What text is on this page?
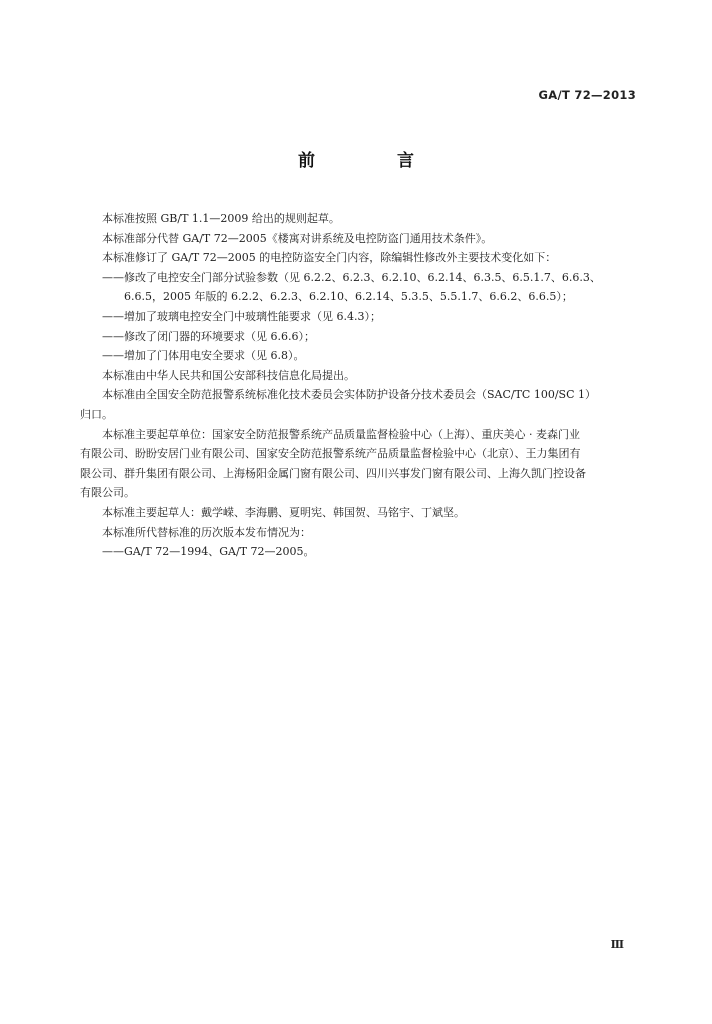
GA/T 72—2013
前 言

本标准按照 GB/T 1.1—2009 给出的规则起草。

本标准部分代替 GA/T 72—2005《楼寓对讲系统及电控防盗门通用技术条件》。

本标准修订了 GA/T 72—2005 的电控防盗安全门内容，除编辑性修改外主要技术变化如下：

——修改了电控安全门部分试验参数（见 6.2.2、6.2.3、6.2.10、6.2.14、6.3.5、6.5.1.7、6.6.3、

6.6.5，2005 年版的 6.2.2、6.2.3、6.2.10、6.2.14、5.3.5、5.5.1.7、6.6.2、6.6.5）；

——增加了玻璃电控安全门中玻璃性能要求（见 6.4.3）；

——修改了闭门器的环境要求（见 6.6.6）；

——增加了门体用电安全要求（见 6.8）。

本标准由中华人民共和国公安部科技信息化局提出。

本标准由全国安全防范报警系统标准化技术委员会实体防护设备分技术委员会（SAC/TC 100/SC 1）

归口。

本标准主要起草单位：国家安全防范报警系统产品质量监督检验中心（上海）、重庆美心 · 麦森门业

有限公司、盼盼安居门业有限公司、国家安全防范报警系统产品质量监督检验中心（北京）、王力集团有

限公司、群升集团有限公司、上海杨阳金属门窗有限公司、四川兴事发门窗有限公司、上海久凯门控设备

有限公司。

本标准主要起草人：戴学嵘、李海鹏、夏明宪、韩国贺、马铭宇、丁斌坚。

本标准所代替标准的历次版本发布情况为：

——GA/T 72—1994、GA/T 72—2005。

Ⅲ
